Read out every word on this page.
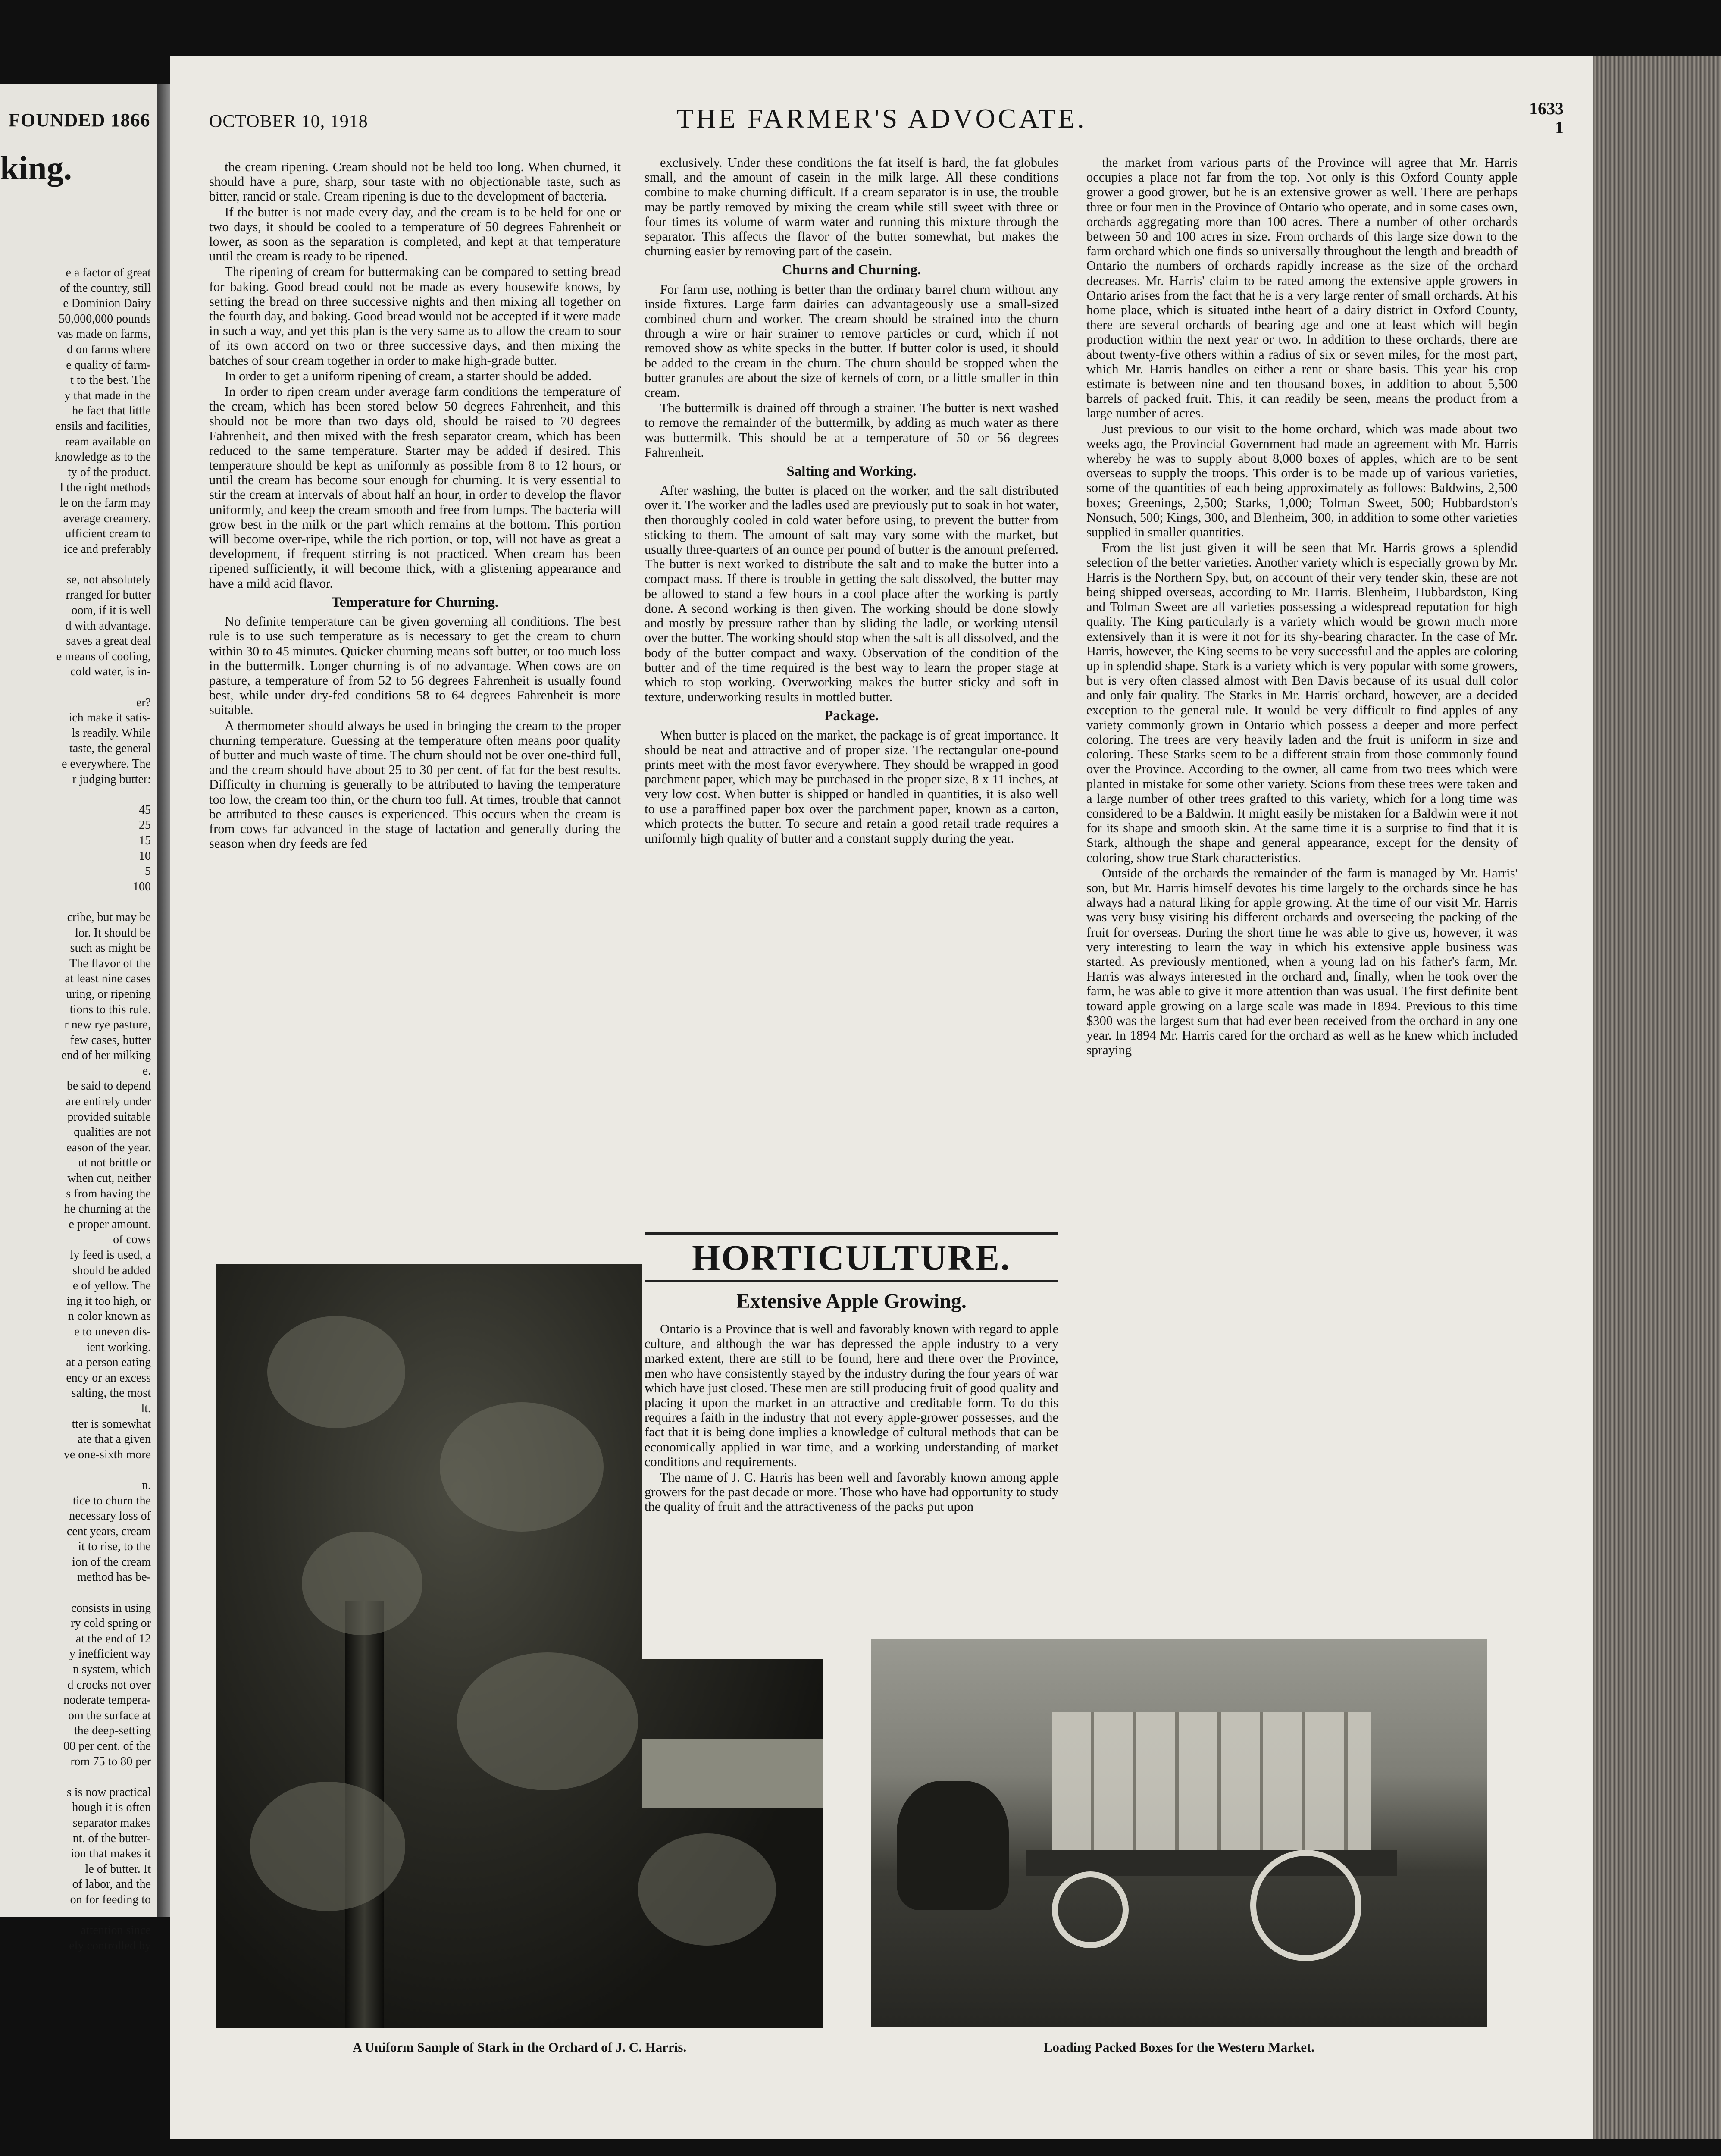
FOUNDED 1866
king.
e a factor of great
of the country, still
e Dominion Dairy
50,000,000 pounds
vas made on farms,
d on farms where
e quality of farm-
t to the best. The
y that made in the
he fact that little
ensils and facilities,
ream available on
knowledge as to the
ty of the product.
l the right methods
le on the farm may
average creamery.
ufficient cream to
ice and preferably

se, not absolutely
rranged for butter
oom, if it is well
d with advantage.
saves a great deal
e means of cooling,
cold water, is in-

er?
ich make it satis-
ls readily. While
taste, the general
e everywhere. The
r judging butter:

45
25
15
10
5
100

cribe, but may be
lor. It should be
such as might be
The flavor of the
at least nine cases
uring, or ripening
tions to this rule.
r new rye pasture,
few cases, butter
end of her milking
e.
be said to depend
are entirely under
provided suitable
qualities are not
eason of the year.
ut not brittle or
when cut, neither
s from having the
he churning at the
e proper amount.
of cows
ly feed is used, a
should be added
e of yellow. The
ing it too high, or
n color known as
e to uneven dis-
ient working.
at a person eating
ency or an excess
salting, the most
lt.
tter is somewhat
ate that a given
ve one-sixth more

n.
tice to churn the
necessary loss of
cent years, cream
it to rise, to the
ion of the cream
method has be-

consists in using
ry cold spring or
at the end of 12
y inefficient way
n system, which
d crocks not over
noderate tempera-
om the surface at
the deep-setting
00 per cent. of the
rom 75 to 80 per

s is now practical
hough it is often
separator makes
nt. of the butter-
ion that makes it
le of butter. It
of labor, and the
on for feeding to

attention since
ely controlled by
OCTOBER 10, 1918	THE FARMER'S ADVOCATE.	1633
1

the cream ripening. Cream should not be held too long. When churned, it should have a pure, sharp, sour taste with no objectionable taste, such as bitter, rancid or stale. Cream ripening is due to the development of bacteria.

If the butter is not made every day, and the cream is to be held for one or two days, it should be cooled to a temperature of 50 degrees Fahrenheit or lower, as soon as the separation is completed, and kept at that temperature until the cream is ready to be ripened.

The ripening of cream for buttermaking can be compared to setting bread for baking. Good bread could not be made as every housewife knows, by setting the bread on three successive nights and then mixing all together on the fourth day, and baking. Good bread would not be accepted if it were made in such a way, and yet this plan is the very same as to allow the cream to sour of its own accord on two or three successive days, and then mixing the batches of sour cream together in order to make high-grade butter.

In order to get a uniform ripening of cream, a starter should be added.

In order to ripen cream under average farm conditions the temperature of the cream, which has been stored below 50 degrees Fahrenheit, and this should not be more than two days old, should be raised to 70 degrees Fahrenheit, and then mixed with the fresh separator cream, which has been reduced to the same temperature. Starter may be added if desired. This temperature should be kept as uniformly as possible from 8 to 12 hours, or until the cream has become sour enough for churning. It is very essential to stir the cream at intervals of about half an hour, in order to develop the flavor uniformly, and keep the cream smooth and free from lumps. The bacteria will grow best in the milk or the part which remains at the bottom. This portion will become over-ripe, while the rich portion, or top, will not have as great a development, if frequent stirring is not practiced. When cream has been ripened sufficiently, it will become thick, with a glistening appearance and have a mild acid flavor.

Temperature for Churning.

No definite temperature can be given governing all conditions. The best rule is to use such temperature as is necessary to get the cream to churn within 30 to 45 minutes. Quicker churning means soft butter, or too much loss in the buttermilk. Longer churning is of no advantage. When cows are on pasture, a temperature of from 52 to 56 degrees Fahrenheit is usually found best, while under dry-fed conditions 58 to 64 degrees Fahrenheit is more suitable.

A thermometer should always be used in bringing the cream to the proper churning temperature. Guessing at the temperature often means poor quality of butter and much waste of time. The churn should not be over one-third full, and the cream should have about 25 to 30 per cent. of fat for the best results. Difficulty in churning is generally to be attributed to having the temperature too low, the cream too thin, or the churn too full. At times, trouble that cannot be attributed to these causes is experienced. This occurs when the cream is from cows far advanced in the stage of lactation and generally during the season when dry feeds are fed

exclusively. Under these conditions the fat itself is hard, the fat globules small, and the amount of casein in the milk large. All these conditions combine to make churning difficult. If a cream separator is in use, the trouble may be partly removed by mixing the cream while still sweet with three or four times its volume of warm water and running this mixture through the separator. This affects the flavor of the butter somewhat, but makes the churning easier by removing part of the casein.

Churns and Churning.

For farm use, nothing is better than the ordinary barrel churn without any inside fixtures. Large farm dairies can advantageously use a small-sized combined churn and worker. The cream should be strained into the churn through a wire or hair strainer to remove particles or curd, which if not removed show as white specks in the butter. If butter color is used, it should be added to the cream in the churn. The churn should be stopped when the butter granules are about the size of kernels of corn, or a little smaller in thin cream.

The buttermilk is drained off through a strainer. The butter is next washed to remove the remainder of the buttermilk, by adding as much water as there was buttermilk. This should be at a temperature of 50 or 56 degrees Fahrenheit.

Salting and Working.

After washing, the butter is placed on the worker, and the salt distributed over it. The worker and the ladles used are previously put to soak in hot water, then thoroughly cooled in cold water before using, to prevent the butter from sticking to them. The amount of salt may vary some with the market, but usually three-quarters of an ounce per pound of butter is the amount preferred. The butter is next worked to distribute the salt and to make the butter into a compact mass. If there is trouble in getting the salt dissolved, the butter may be allowed to stand a few hours in a cool place after the working is partly done. A second working is then given. The working should be done slowly and mostly by pressure rather than by sliding the ladle, or working utensil over the butter. The working should stop when the salt is all dissolved, and the body of the butter compact and waxy. Observation of the condition of the butter and of the time required is the best way to learn the proper stage at which to stop working. Overworking makes the butter sticky and soft in texture, underworking results in mottled butter.

Package.

When butter is placed on the market, the package is of great importance. It should be neat and attractive and of proper size. The rectangular one-pound prints meet with the most favor everywhere. They should be wrapped in good parchment paper, which may be purchased in the proper size, 8 x 11 inches, at very low cost. When butter is shipped or handled in quantities, it is also well to use a paraffined paper box over the parchment paper, known as a carton, which protects the butter. To secure and retain a good retail trade requires a uniformly high quality of butter and a constant supply during the year.

HORTICULTURE.
Extensive Apple Growing.

Ontario is a Province that is well and favorably known with regard to apple culture, and although the war has depressed the apple industry to a very marked extent, there are still to be found, here and there over the Province, men who have consistently stayed by the industry during the four years of war which have just closed. These men are still producing fruit of good quality and placing it upon the market in an attractive and creditable form. To do this requires a faith in the industry that not every apple-grower possesses, and the fact that it is being done implies a knowledge of cultural methods that can be economically applied in war time, and a working understanding of market conditions and requirements.

The name of J. C. Harris has been well and favorably known among apple growers for the past decade or more. Those who have had opportunity to study the quality of fruit and the attractiveness of the packs put upon

the market from various parts of the Province will agree that Mr. Harris occupies a place not far from the top. Not only is this Oxford County apple grower a good grower, but he is an extensive grower as well. There are perhaps three or four men in the Province of Ontario who operate, and in some cases own, orchards aggregating more than 100 acres. There a number of other orchards between 50 and 100 acres in size. From orchards of this large size down to the farm orchard which one finds so universally throughout the length and breadth of Ontario the numbers of orchards rapidly increase as the size of the orchard decreases. Mr. Harris' claim to be rated among the extensive apple growers in Ontario arises from the fact that he is a very large renter of small orchards. At his home place, which is situated inthe heart of a dairy district in Oxford County, there are several orchards of bearing age and one at least which will begin production within the next year or two. In addition to these orchards, there are about twenty-five others within a radius of six or seven miles, for the most part, which Mr. Harris handles on either a rent or share basis. This year his crop estimate is between nine and ten thousand boxes, in addition to about 5,500 barrels of packed fruit. This, it can readily be seen, means the product from a large number of acres.

Just previous to our visit to the home orchard, which was made about two weeks ago, the Provincial Government had made an agreement with Mr. Harris whereby he was to supply about 8,000 boxes of apples, which are to be sent overseas to supply the troops. This order is to be made up of various varieties, some of the quantities of each being approximately as follows: Baldwins, 2,500 boxes; Greenings, 2,500; Starks, 1,000; Tolman Sweet, 500; Hubbardston's Nonsuch, 500; Kings, 300, and Blenheim, 300, in addition to some other varieties supplied in smaller quantities.

From the list just given it will be seen that Mr. Harris grows a splendid selection of the better varieties. Another variety which is especially grown by Mr. Harris is the Northern Spy, but, on account of their very tender skin, these are not being shipped overseas, according to Mr. Harris. Blenheim, Hubbardston, King and Tolman Sweet are all varieties possessing a widespread reputation for high quality. The King particularly is a variety which would be grown much more extensively than it is were it not for its shy-bearing character. In the case of Mr. Harris, however, the King seems to be very successful and the apples are coloring up in splendid shape. Stark is a variety which is very popular with some growers, but is very often classed almost with Ben Davis because of its usual dull color and only fair quality. The Starks in Mr. Harris' orchard, however, are a decided exception to the general rule. It would be very difficult to find apples of any variety commonly grown in Ontario which possess a deeper and more perfect coloring. The trees are very heavily laden and the fruit is uniform in size and coloring. These Starks seem to be a different strain from those commonly found over the Province. According to the owner, all came from two trees which were planted in mistake for some other variety. Scions from these trees were taken and a large number of other trees grafted to this variety, which for a long time was considered to be a Baldwin. It might easily be mistaken for a Baldwin were it not for its shape and smooth skin. At the same time it is a surprise to find that it is Stark, although the shape and general appearance, except for the density of coloring, show true Stark characteristics.

Outside of the orchards the remainder of the farm is managed by Mr. Harris' son, but Mr. Harris himself devotes his time largely to the orchards since he has always had a natural liking for apple growing. At the time of our visit Mr. Harris was very busy visiting his different orchards and overseeing the packing of the fruit for overseas. During the short time he was able to give us, however, it was very interesting to learn the way in which his extensive apple business was started. As previously mentioned, when a young lad on his father's farm, Mr. Harris was always interested in the orchard and, finally, when he took over the farm, he was able to give it more attention than was usual. The first definite bent toward apple growing on a large scale was made in 1894. Previous to this time $300 was the largest sum that had ever been received from the orchard in any one year. In 1894 Mr. Harris cared for the orchard as well as he knew which included spraying

A Uniform Sample of Stark in the Orchard of J. C. Harris.	Loading Packed Boxes for the Western Market.
